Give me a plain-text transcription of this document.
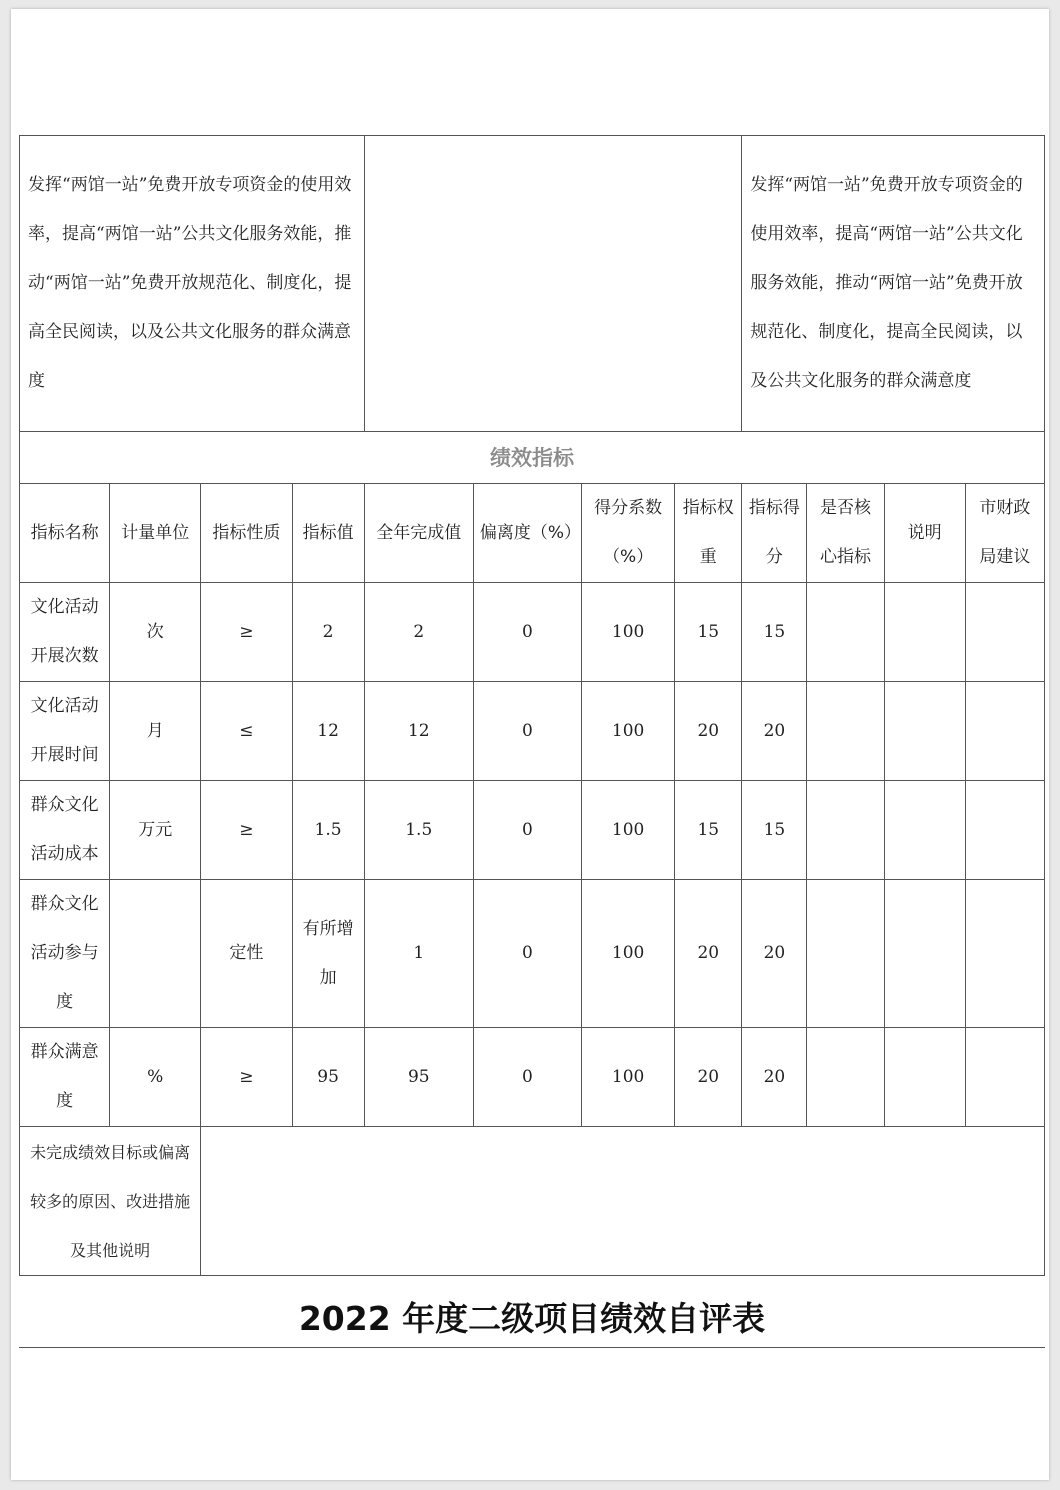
发挥“两馆一站”免费开放专项资金的使用效率，提高“两馆一站”公共文化服务效能，推动“两馆一站”免费开放规范化、制度化，提高全民阅读，以及公共文化服务的群众满意度								发挥“两馆一站”免费开放专项资金的使用效率，提高“两馆一站”公共文化服务效能，推动“两馆一站”免费开放规范化、制度化，提高全民阅读，以及公共文化服务的群众满意度			
绩效指标											
指标名称	计量单位	指标性质	指标值	全年完成值	偏离度（%）	得分系数（%）	指标权重	指标得分	是否核心指标	说明	市财政局建议
文化活动开展次数	次	≥	2	2	0	100	15	15			
文化活动开展时间	月	≤	12	12	0	100	20	20			
群众文化活动成本	万元	≥	1.5	1.5	0	100	15	15			
群众文化活动参与度		定性	有所增加	1	0	100	20	20			
群众满意度	%	≥	95	95	0	100	20	20			
未完成绩效目标或偏离较多的原因、改进措施及其他说明											
2022 年度二级项目绩效自评表
